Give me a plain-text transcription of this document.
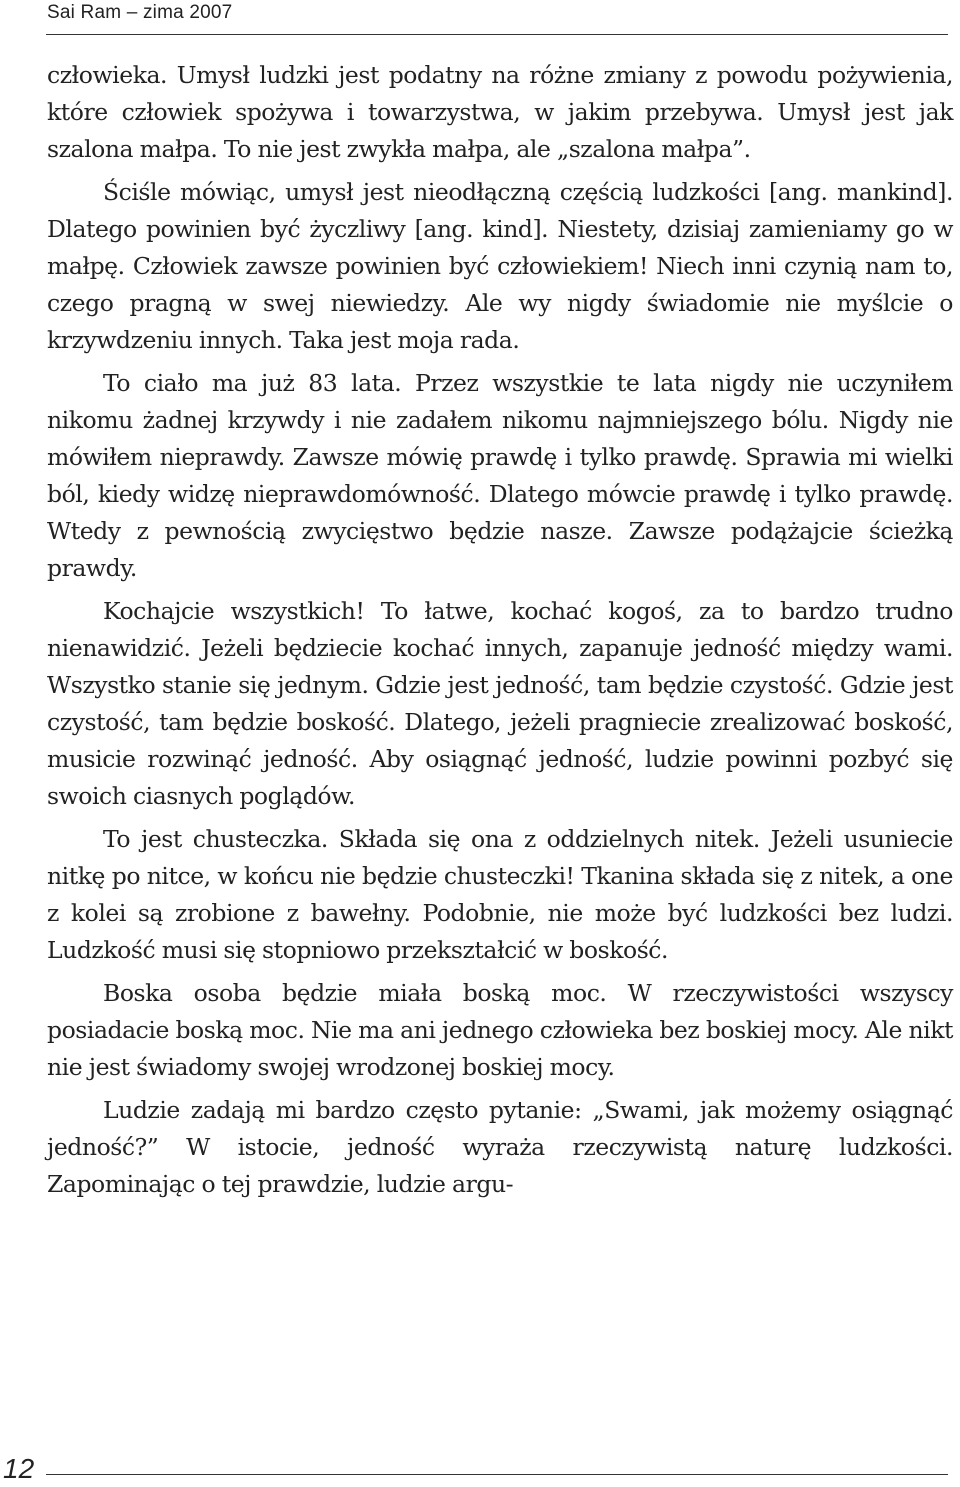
Sai Ram – zima 2007

człowieka. Umysł ludzki jest podatny na różne zmiany z powodu pożywienia, które człowiek spożywa i towarzystwa, w jakim przebywa. Umysł jest jak szalona małpa. To nie jest zwykła małpa, ale „szalona małpa”.

Ściśle mówiąc, umysł jest nieodłączną częścią ludzkości [ang. mankind]. Dlatego powinien być życzliwy [ang. kind]. Niestety, dzisiaj zamieniamy go w małpę. Człowiek zawsze powinien być człowiekiem! Niech inni czynią nam to, czego pragną w swej niewiedzy. Ale wy nigdy świadomie nie myślcie o krzywdzeniu innych. Taka jest moja rada.

To ciało ma już 83 lata. Przez wszystkie te lata nigdy nie uczyniłem nikomu żadnej krzywdy i nie zadałem nikomu najmniejszego bólu. Nigdy nie mówiłem nieprawdy. Zawsze mówię prawdę i tylko prawdę. Sprawia mi wielki ból, kiedy widzę nieprawdomówność. Dlatego mówcie prawdę i tylko prawdę. Wtedy z pewnością zwycięstwo będzie nasze. Zawsze podążajcie ścieżką prawdy.

Kochajcie wszystkich! To łatwe, kochać kogoś, za to bardzo trudno nienawidzić. Jeżeli będziecie kochać innych, zapanuje jedność między wami. Wszystko stanie się jednym. Gdzie jest jedność, tam będzie czystość. Gdzie jest czystość, tam będzie boskość. Dlatego, jeżeli pragniecie zrealizować boskość, musicie rozwinąć jedność. Aby osiągnąć jedność, ludzie powinni pozbyć się swoich ciasnych poglądów.

To jest chusteczka. Składa się ona z oddzielnych nitek. Jeżeli usuniecie nitkę po nitce, w końcu nie będzie chusteczki! Tkanina składa się z nitek, a one z kolei są zrobione z bawełny. Podobnie, nie może być ludzkości bez ludzi. Ludzkość musi się stopniowo przekształcić w boskość.

Boska osoba będzie miała boską moc. W rzeczywistości wszyscy posiadacie boską moc. Nie ma ani jednego człowieka bez boskiej mocy. Ale nikt nie jest świadomy swojej wrodzonej boskiej mocy.

Ludzie zadają mi bardzo często pytanie: „Swami, jak możemy osiągnąć jedność?” W istocie, jedność wyraża rzeczywistą naturę ludzkości. Zapominając o tej prawdzie, ludzie argu-

12
